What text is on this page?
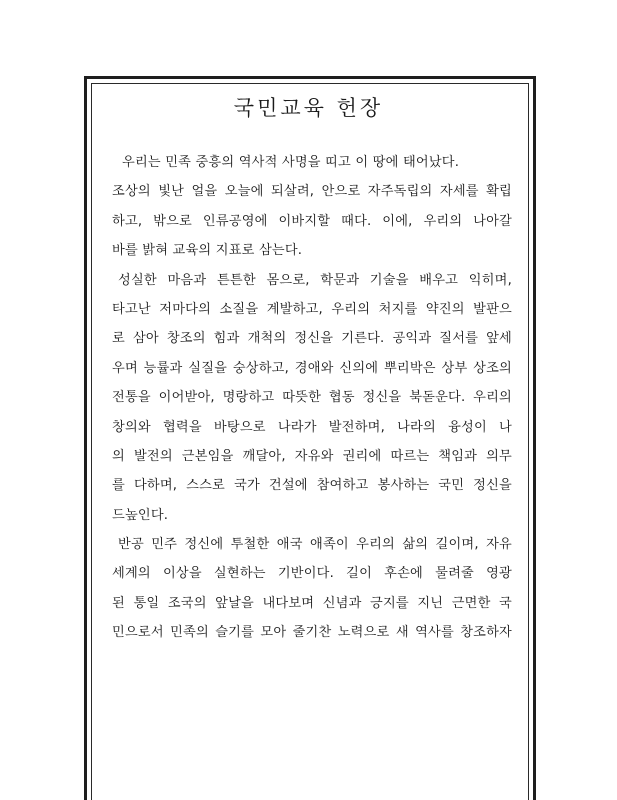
국민교육 헌장
우리는 민족 중흥의 역사적 사명을 띠고 이 땅에 태어났다.
조상의 빛난 얼을 오늘에 되살려, 안으로 자주독립의 자세를 확립
하고, 밖으로 인류공영에 이바지할 때다. 이에, 우리의 나아갈
바를 밝혀 교육의 지표로 삼는다.
성실한 마음과 튼튼한 몸으로, 학문과 기술을 배우고 익히며,
타고난 저마다의 소질을 계발하고, 우리의 처지를 약진의 발판으
로 삼아 창조의 힘과 개척의 정신을 기른다. 공익과 질서를 앞세
우며 능률과 실질을 숭상하고, 경애와 신의에 뿌리박은 상부 상조의
전통을 이어받아, 명랑하고 따뜻한 협동 정신을 북돋운다. 우리의
창의와 협력을 바탕으로 나라가 발전하며, 나라의 융성이 나
의 발전의 근본임을 깨달아, 자유와 권리에 따르는 책임과 의무
를 다하며, 스스로 국가 건설에 참여하고 봉사하는 국민 정신을
드높인다.
반공 민주 정신에 투철한 애국 애족이 우리의 삶의 길이며, 자유
세계의 이상을 실현하는 기반이다. 길이 후손에 물려줄 영광
된 통일 조국의 앞날을 내다보며 신념과 긍지를 지닌 근면한 국
민으로서 민족의 슬기를 모아 줄기찬 노력으로 새 역사를 창조하자
